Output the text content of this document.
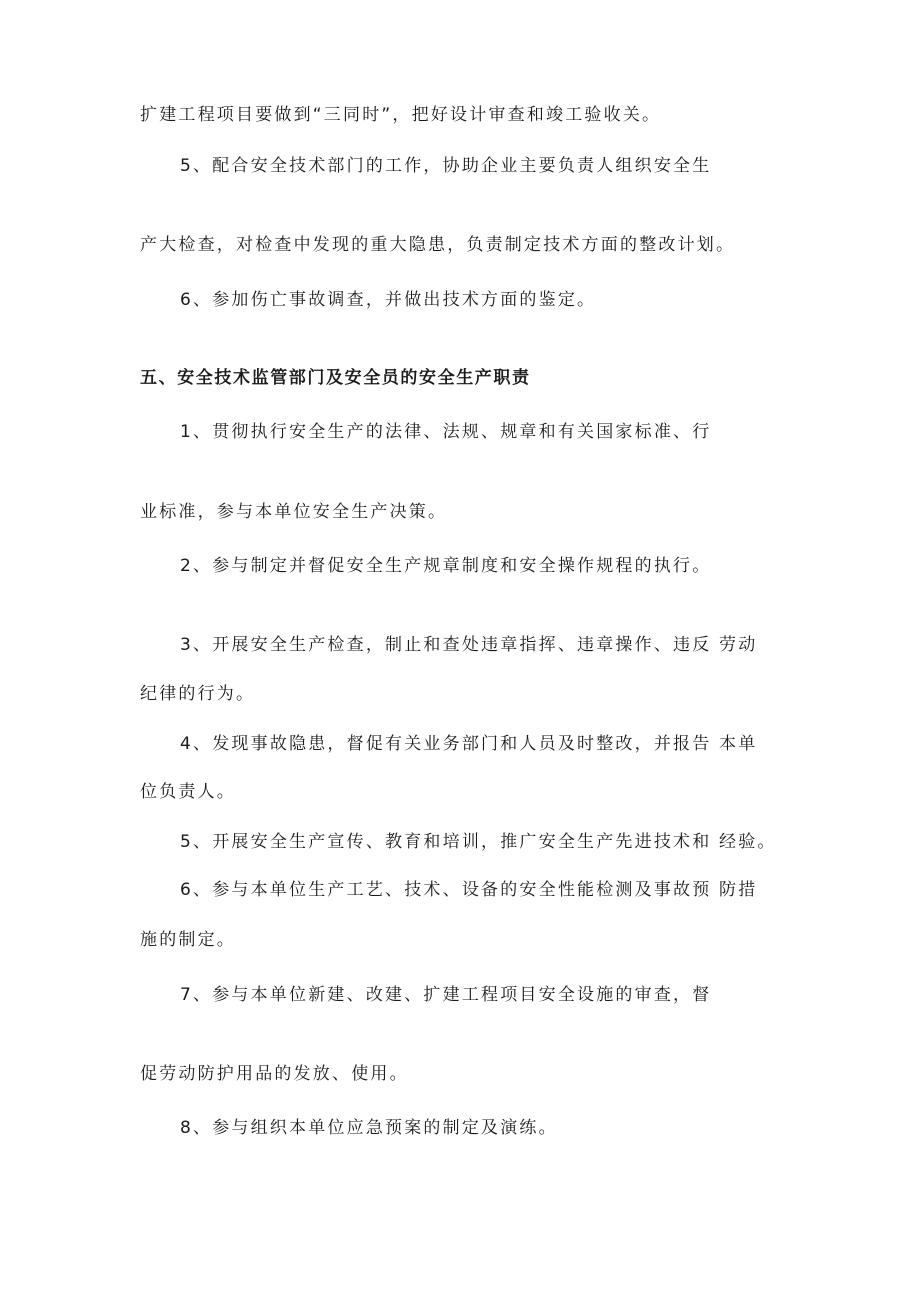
扩建工程项目要做到“三同时”，把好设计审查和竣工验收关。
5、配合安全技术部门的工作，协助企业主要负责人组织安全生
产大检查，对检查中发现的重大隐患，负责制定技术方面的整改计划。
6、参加伤亡事故调查，并做出技术方面的鉴定。
五、安全技术监管部门及安全员的安全生产职责
1、贯彻执行安全生产的法律、法规、规章和有关国家标准、行
业标准，参与本单位安全生产决策。
2、参与制定并督促安全生产规章制度和安全操作规程的执行。
3、开展安全生产检查，制止和查处违章指挥、违章操作、违反 劳动
纪律的行为。
4、发现事故隐患，督促有关业务部门和人员及时整改，并报告 本单
位负责人。
5、开展安全生产宣传、教育和培训，推广安全生产先进技术和 经验。
6、参与本单位生产工艺、技术、设备的安全性能检测及事故预 防措
施的制定。
7、参与本单位新建、改建、扩建工程项目安全设施的审查，督
促劳动防护用品的发放、使用。
8、参与组织本单位应急预案的制定及演练。
